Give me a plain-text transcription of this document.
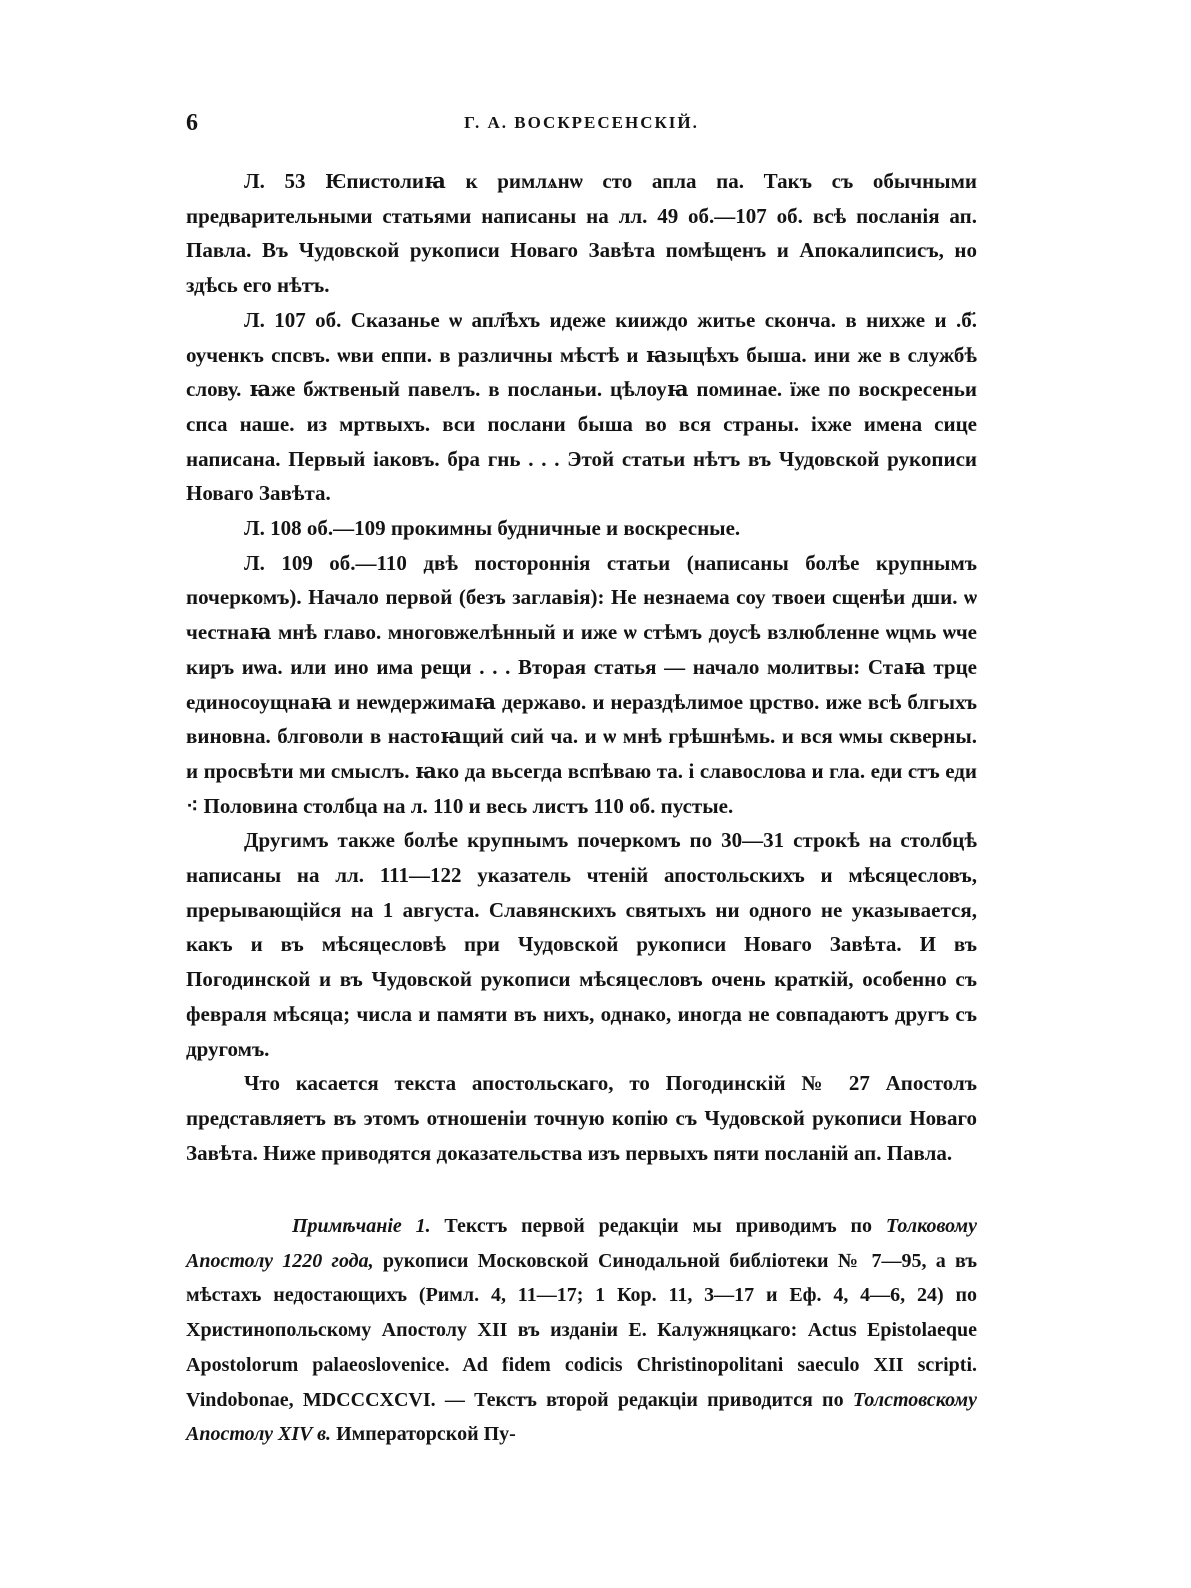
6	Г. А. ВОСКРЕСЕНСКІЙ.

Л. 53 Ѥпистолиꙗ к римлѧнѡ сто апла па. Такъ съ обычными предварительными статьями написаны на лл. 49 об.—107 об. всѣ посланія ап. Павла. Въ Чудовской рукописи Новаго Завѣта помѣщенъ и Апокалипсисъ, но здѣсь его нѣтъ.

Л. 107 об. Сказанье ѡ апл҃ѣхъ идеже кииждо житье сконча. в нихже и .б҃. оученкъ спсвъ. ѡви еппи. в различны мѣстѣ и ꙗзыцѣхъ быша. ини же в службѣ слову. ꙗже бжтвеный павелъ. в посланьи. цѣлоуꙗ поминае. їже по воскресеньи спса наше. из мртвыхъ. вси послани быша во вся страны. іхже имена сице написана. Первый іаковъ. бра гнь . . . Этой статьи нѣтъ въ Чудовской рукописи Новаго Завѣта.

Л. 108 об.—109 прокимны будничные и воскресные.

Л. 109 об.—110 двѣ постороннія статьи (написаны болѣе крупнымъ почеркомъ). Начало первой (безъ заглавія): Не незнаема соу твоеи сщенѣи дши. ѡ честнаꙗ мнѣ главо. многовжелѣнный и иже ѡ стѣмъ доусѣ взлюбленне ѡцмь ѡче киръ иѡа. или ино има рещи . . . Вторая статья — начало молитвы: Стаꙗ трце единосоущнаꙗ и неѡдержимаꙗ державо. и нераздѣлимое црство. иже всѣ блгыхъ виновна. блговоли в настоꙗщий сий ча. и ѡ мнѣ грѣшнѣмь. и вся ѡмы скверны. и просвѣти ми смыслъ. ꙗко да вьсегда вспѣваю та. і славослова и гла. еди стъ еди ⁖ Половина столбца на л. 110 и весь листъ 110 об. пустые.

Другимъ также болѣе крупнымъ почеркомъ по 30—31 строкѣ на столбцѣ написаны на лл. 111—122 указатель чтеній апостольскихъ и мѣсяцесловъ, прерывающійся на 1 августа. Славянскихъ святыхъ ни одного не указывается, какъ и въ мѣсяцесловѣ при Чудовской рукописи Новаго Завѣта. И въ Погодинской и въ Чудовской рукописи мѣсяцесловъ очень краткій, особенно съ февраля мѣсяца; числа и памяти въ нихъ, однако, иногда не совпадаютъ другъ съ другомъ.

Что касается текста апостольскаго, то Погодинскій № 27 Апостолъ представляетъ въ этомъ отношеніи точную копію съ Чудовской рукописи Новаго Завѣта. Ниже приводятся доказательства изъ первыхъ пяти посланій ап. Павла.

Примѣчаніе 1. Текстъ первой редакціи мы приводимъ по Толковому Апостолу 1220 года, рукописи Московской Синодальной библіотеки № 7—95, а въ мѣстахъ недостающихъ (Римл. 4, 11—17; 1 Кор. 11, 3—17 и Еф. 4, 4—6, 24) по Христинопольскому Апостолу XII въ изданіи Е. Калужняцкаго: Actus Epistolaeque Apostolorum palaeoslovenice. Ad fidem codicis Christinopolitani saeculo XII scripti. Vindobonae, MDCCCXCVI. — Текстъ второй редакціи приводится по Толстовскому Апостолу XIV в. Императорской Пу-
